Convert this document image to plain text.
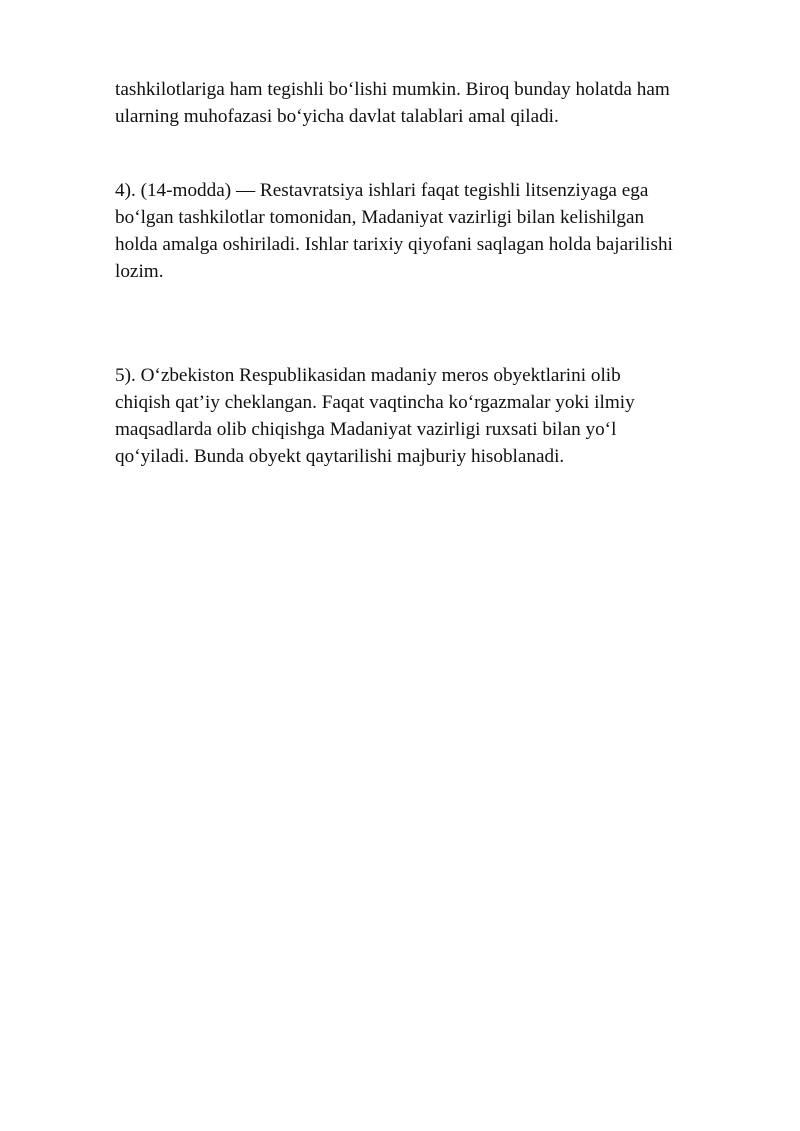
tashkilotlariga ham tegishli bo‘lishi mumkin. Biroq bunday holatda ham
ularning muhofazasi bo‘yicha davlat talablari amal qiladi.

4). (14-modda) — Restavratsiya ishlari faqat tegishli litsenziyaga ega
bo‘lgan tashkilotlar tomonidan, Madaniyat vazirligi bilan kelishilgan
holda amalga oshiriladi. Ishlar tarixiy qiyofani saqlagan holda bajarilishi
lozim.

5). O‘zbekiston Respublikasidan madaniy meros obyektlarini olib
chiqish qat’iy cheklangan. Faqat vaqtincha ko‘rgazmalar yoki ilmiy
maqsadlarda olib chiqishga Madaniyat vazirligi ruxsati bilan yo‘l
qo‘yiladi. Bunda obyekt qaytarilishi majburiy hisoblanadi.
